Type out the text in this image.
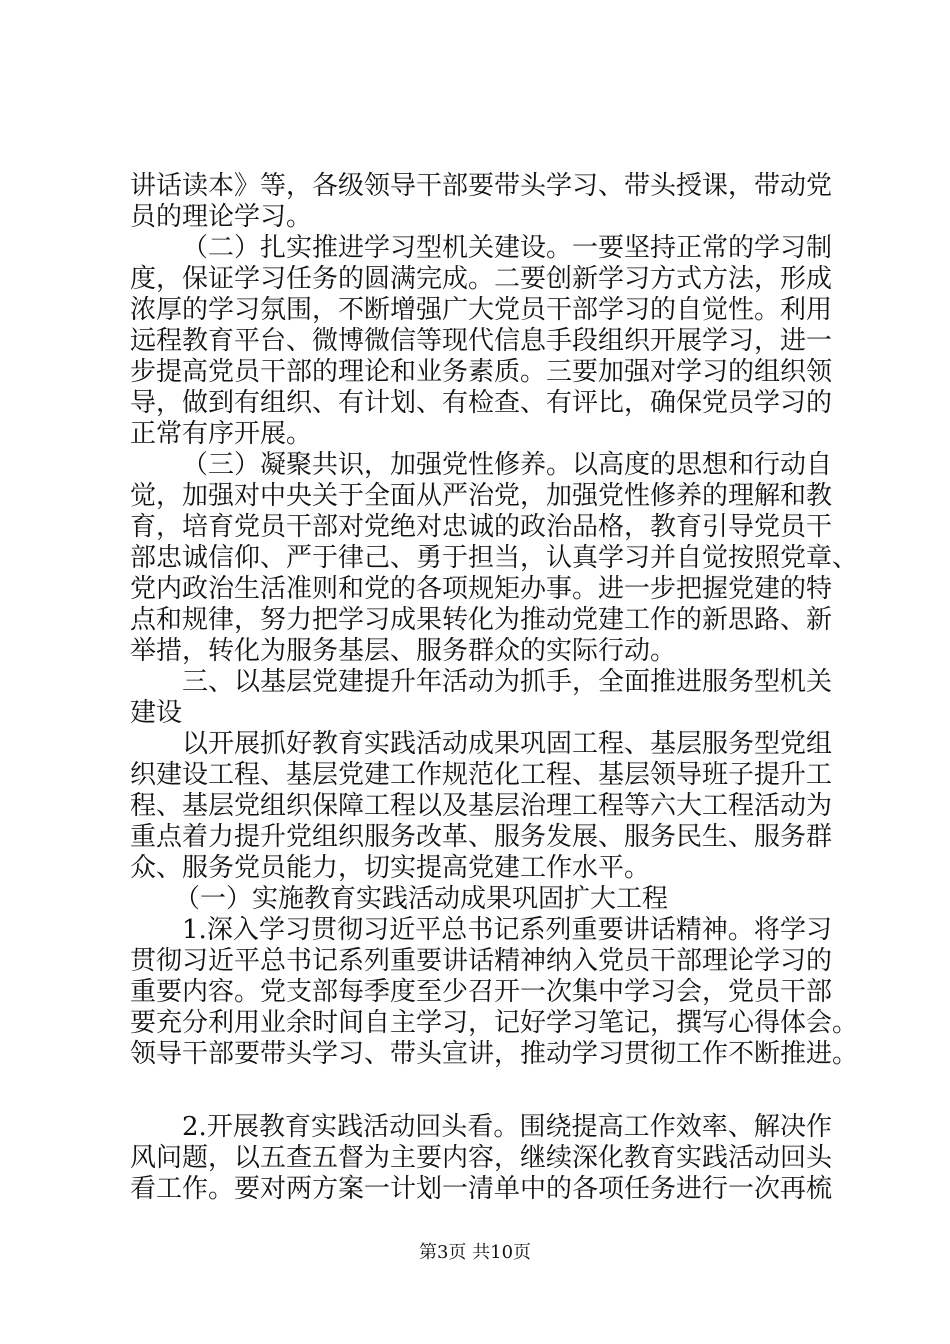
讲话读本》等，各级领导干部要带头学习、带头授课，带动党

员的理论学习。

（二）扎实推进学习型机关建设。一要坚持正常的学习制

度，保证学习任务的圆满完成。二要创新学习方式方法，形成

浓厚的学习氛围，不断增强广大党员干部学习的自觉性。利用

远程教育平台、微博微信等现代信息手段组织开展学习，进一

步提高党员干部的理论和业务素质。三要加强对学习的组织领

导，做到有组织、有计划、有检查、有评比，确保党员学习的

正常有序开展。

（三）凝聚共识，加强党性修养。以高度的思想和行动自

觉，加强对中央关于全面从严治党，加强党性修养的理解和教

育，培育党员干部对党绝对忠诚的政治品格，教育引导党员干

部忠诚信仰、严于律己、勇于担当，认真学习并自觉按照党章、

党内政治生活准则和党的各项规矩办事。进一步把握党建的特

点和规律，努力把学习成果转化为推动党建工作的新思路、新

举措，转化为服务基层、服务群众的实际行动。

三、以基层党建提升年活动为抓手，全面推进服务型机关

建设

以开展抓好教育实践活动成果巩固工程、基层服务型党组

织建设工程、基层党建工作规范化工程、基层领导班子提升工

程、基层党组织保障工程以及基层治理工程等六大工程活动为

重点着力提升党组织服务改革、服务发展、服务民生、服务群

众、服务党员能力，切实提高党建工作水平。

（一）实施教育实践活动成果巩固扩大工程

1.深入学习贯彻习近平总书记系列重要讲话精神。将学习

贯彻习近平总书记系列重要讲话精神纳入党员干部理论学习的

重要内容。党支部每季度至少召开一次集中学习会，党员干部

要充分利用业余时间自主学习，记好学习笔记，撰写心得体会。

领导干部要带头学习、带头宣讲，推动学习贯彻工作不断推进。

2.开展教育实践活动回头看。围绕提高工作效率、解决作

风问题，以五查五督为主要内容，继续深化教育实践活动回头

看工作。要对两方案一计划一清单中的各项任务进行一次再梳

第3页 共10页
